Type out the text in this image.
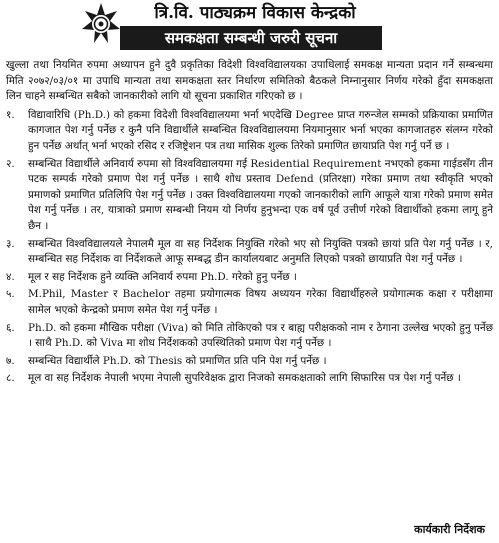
त्रि.वि. पाठ्यक्रम विकास केन्द्रको
समकक्षता सम्बन्धी जरुरी सूचना

खुल्ला तथा नियमित रुपमा अध्यापन हुने दुवै प्रकृतिका विदेशी विश्वविद्यालयका उपाधिलाई समकक्ष मान्यता प्रदान गर्ने सम्बन्धमा मिति २०७२/०३/०१ मा उपाधि मान्यता तथा समकक्षता स्तर निर्धारण समितिको बैठकले निम्नानुसार निर्णय गरेको हुँदा समकक्षता लिन चाहने सम्बन्धित सबैको जानकारीको लागि यो सूचना प्रकाशित गरिएको छ ।

१.	विद्यावारिधि (Ph.D.) को हकमा विदेशी विश्वविद्यालयमा भर्ना भएदेखि Degree प्राप्त गरुन्जेल सम्मको प्रक्रियाका प्रमाणित कागजात पेश गर्नु पर्नेछ र कुनै पनि विद्यार्थीले सम्बन्धित विश्वविद्यालयमा नियमानुसार भर्ना भएका कागजातहरु संलग्न गरेको हुन पर्नेछ अर्थात् भर्ना भएको रसिद र रजिष्ट्रेशन पत्र तथा मासिक शुल्क तिरेको प्रमाणित छायाप्रति पेश गर्नु पर्ने छ ।
२.	सम्बन्धित विद्यार्थीले अनिवार्य रुपमा सो विश्वविद्यालयमा गई Residential Requirement नभएको हकमा गाईडसँग तीन पटक सम्पर्क गरेको प्रमाण पेश गर्नु पर्नेछ । साथै शोध प्रस्ताव Defend (प्रतिरक्षा) गरेका प्रमाण तथा स्वीकृति भएको प्रमाणको प्रमाणित प्रतिलिपि पेश गर्नु पर्नेछ । उक्त विश्वविद्यालयमा गएको जानकारीको लागि आफूले यात्रा गरेको प्रमाण समेत पेश गर्नु पर्नेछ । तर, यात्राको प्रमाण सम्बन्धी नियम यो निर्णय हुनुभन्दा एक वर्ष पूर्व उत्तीर्ण गरेको विद्यार्थीको हकमा लागू हुने छैन ।
३.	सम्बन्धित विश्वविद्यालयले नेपालमै मूल वा सह निर्देशक नियुक्ति गरेको भए सो नियुक्ति पत्रको छायां प्रति पेश गर्नु पर्नेछ । र, सम्बन्धित सह निर्देशक वा निर्देशकले आफू सम्बद्ध डीन कार्यालयबाट अनुमति लिएको पत्रको छायाप्रति पेश गर्नु पर्नेछ ।
४.	मूल र सह निर्देशक हुने व्यक्ति अनिवार्य रुपमा Ph.D. गरेको हुनु पर्नेछ ।
५.	M.Phil, Master र Bachelor तहमा प्रयोगात्मक विषय अध्ययन गरेका विद्यार्थीहरुले प्रयोगात्मक कक्षा र परीक्षामा सामेल भएको केन्द्रको प्रमाण समेत पेश गर्नु पर्नेछ ।
६.	Ph.D. को हकमा मौखिक परीक्षा (Viva) को मिति तोकिएको पत्र र बाह्य परीक्षकको नाम र ठेगाना उल्लेख भएको हुनु पर्नेछ । साथै Ph.D. को Viva मा शोध निर्देशकको उपस्थितिको प्रमाण पेश गर्नु पर्नेछ ।
७.	सम्बन्धित विद्यार्थीले Ph.D. को Thesis को प्रमाणित प्रति पनि पेश गर्नु पर्नेछ ।
८.	मूल वा सह निर्देशक नेपाली भएमा नेपाली सुपरिवेक्षक द्वारा निजको समकक्षताको लागि सिफारिस पत्र पेश गर्नु पर्नेछ ।
कार्यकारी निर्देशक
